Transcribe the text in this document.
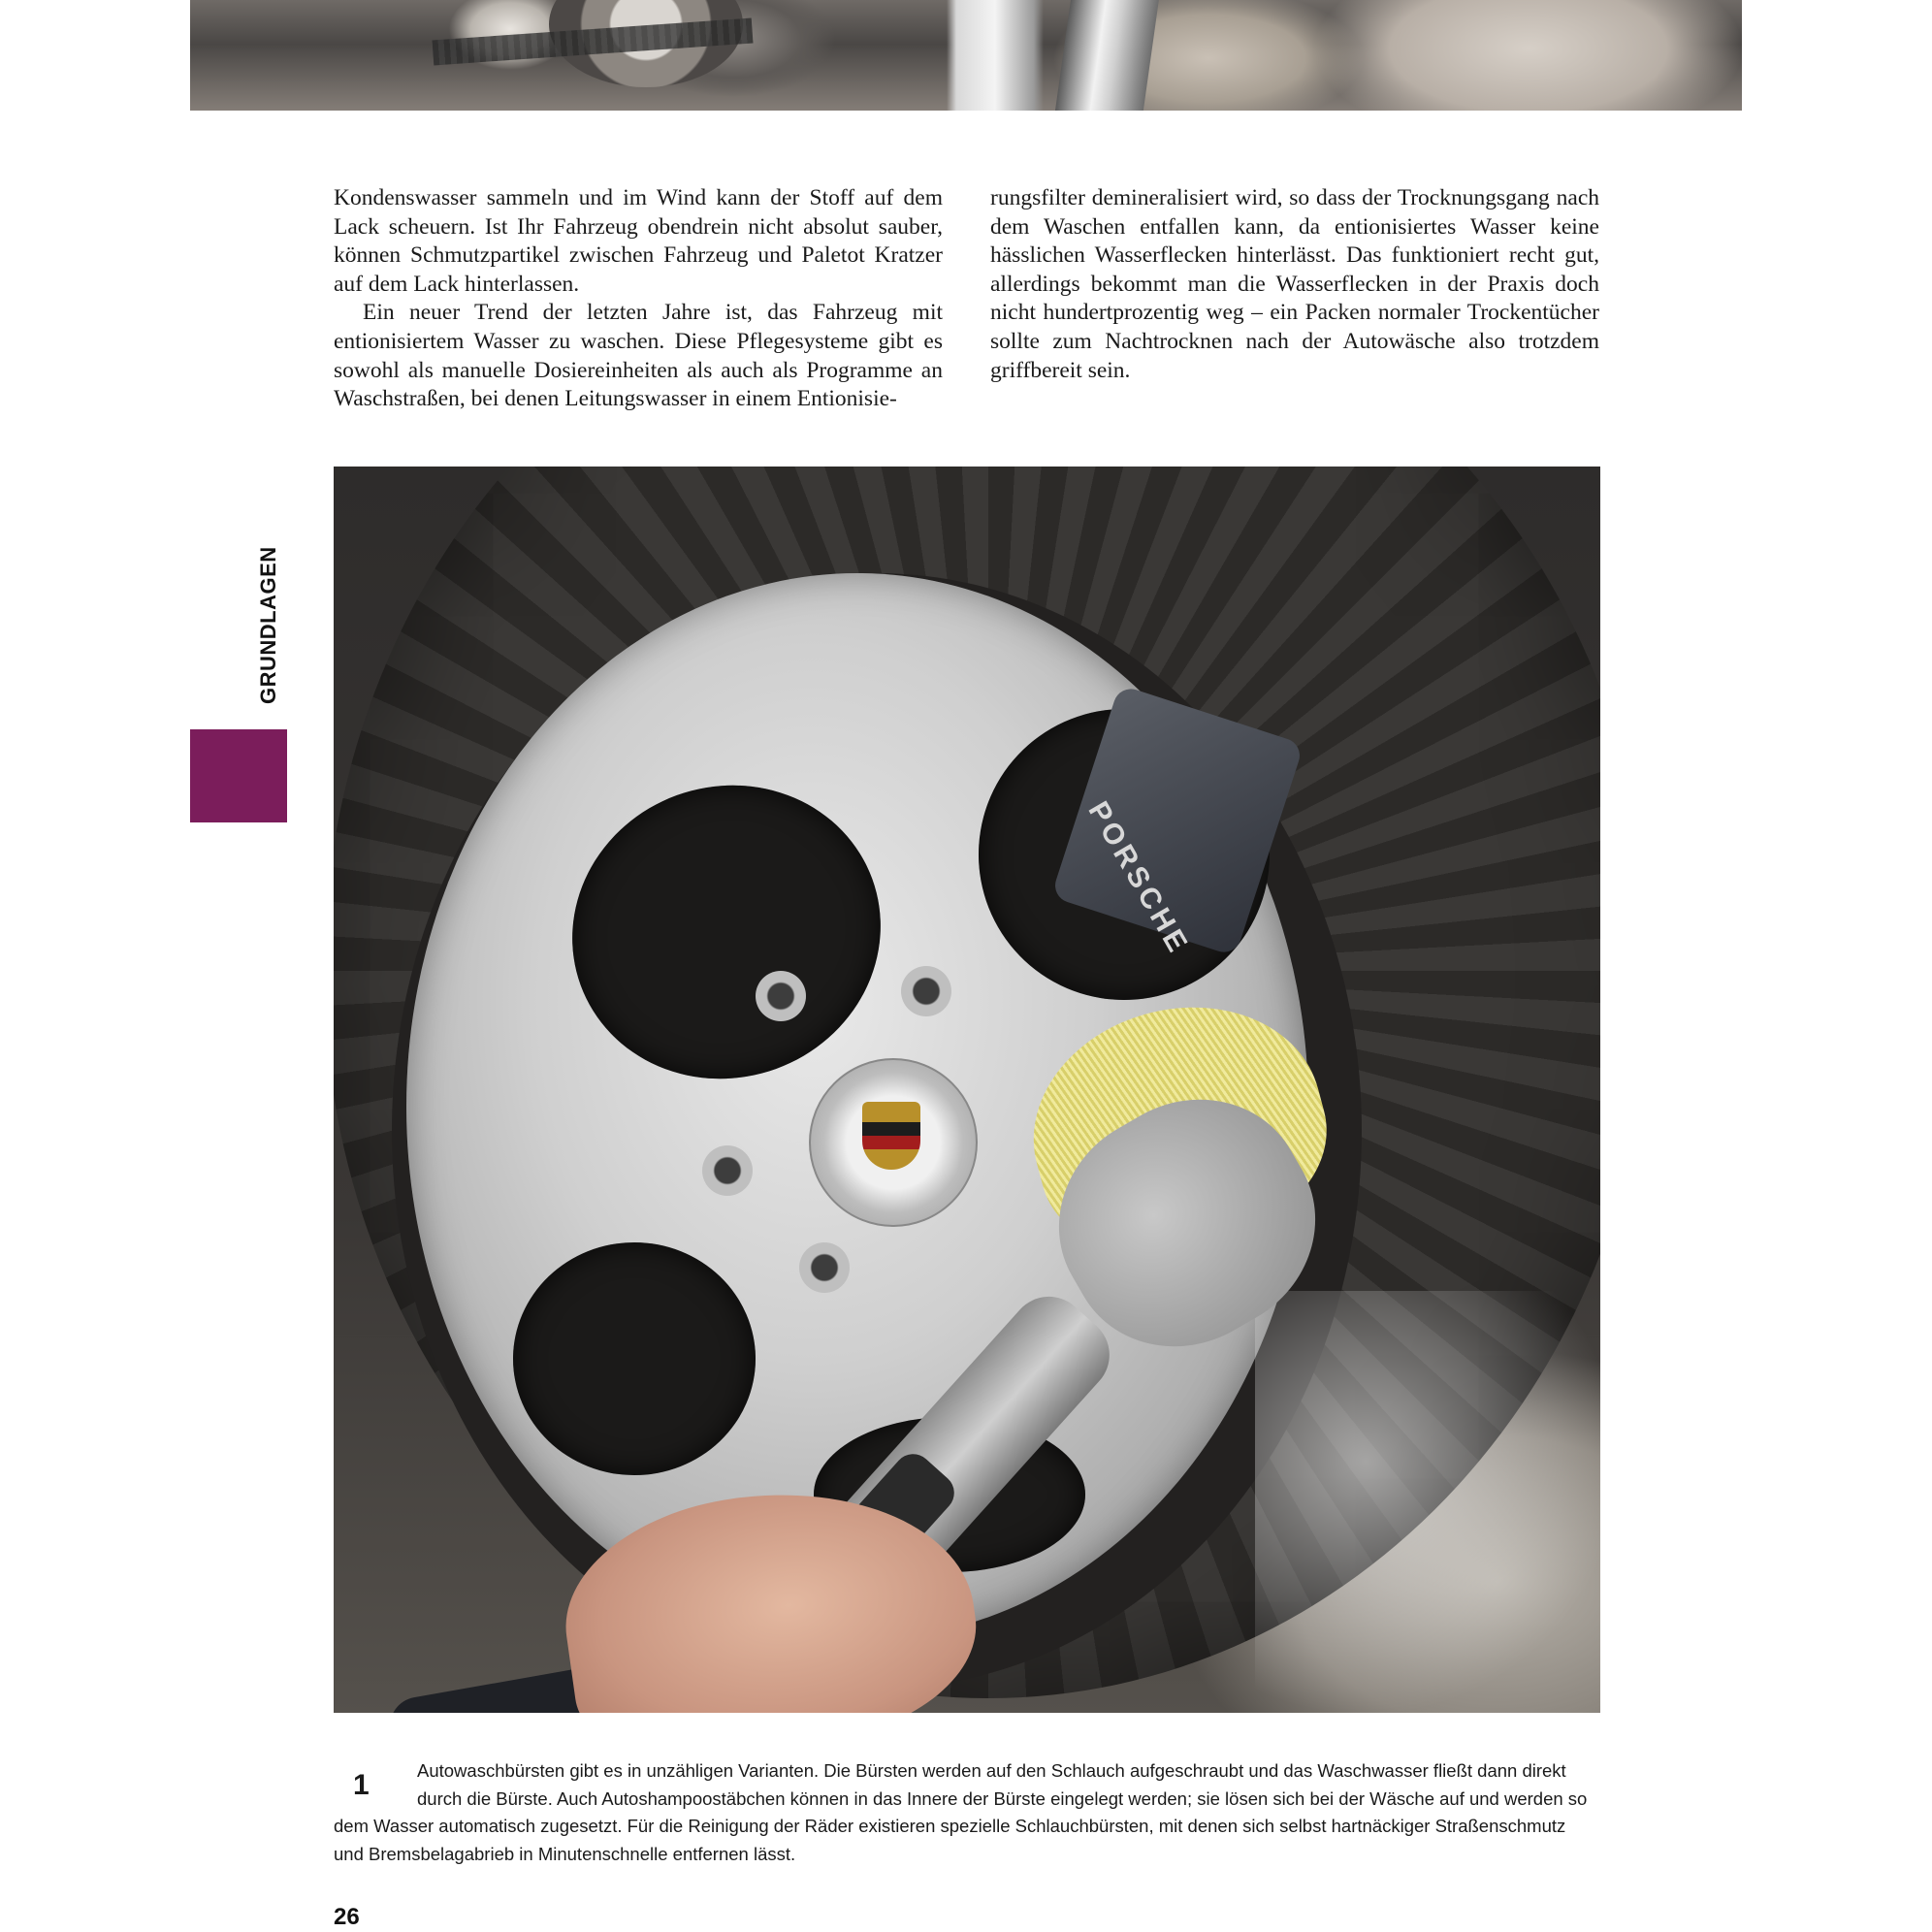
Kondenswasser sammeln und im Wind kann der Stoff auf dem Lack scheuern. Ist Ihr Fahrzeug obendrein nicht absolut sauber, können Schmutzpartikel zwischen Fahrzeug und Paletot Kratzer auf dem Lack hinterlassen.

Ein neuer Trend der letzten Jahre ist, das Fahrzeug mit entionisiertem Wasser zu waschen. Diese Pflegesysteme gibt es sowohl als manuelle Dosiereinheiten als auch als Programme an Waschstraßen, bei denen Leitungswasser in einem Entionisie-

rungsfilter demineralisiert wird, so dass der Trocknungsgang nach dem Waschen entfallen kann, da entionisiertes Wasser keine hässlichen Wasserflecken hinterlässt. Das funktioniert recht gut, allerdings bekommt man die Wasserflecken in der Praxis doch nicht hundertprozentig weg – ein Packen normaler Trockentücher sollte zum Nachtrocknen nach der Autowäsche also trotzdem griffbereit sein.

GRUNDLAGEN
PORSCHE
1	Autowaschbürsten gibt es in unzähligen Varianten. Die Bürsten werden auf den Schlauch aufgeschraubt und das Waschwasser fließt dann direkt durch die Bürste. Auch Autoshampoostäbchen können in das Innere der Bürste eingelegt werden; sie lösen sich bei der Wäsche auf und werden so dem Wasser automatisch zugesetzt. Für die Reinigung der Räder existieren spezielle Schlauchbürsten, mit denen sich selbst hartnäckiger Straßenschmutz und Bremsbelagabrieb in Minutenschnelle entfernen lässt.
26
